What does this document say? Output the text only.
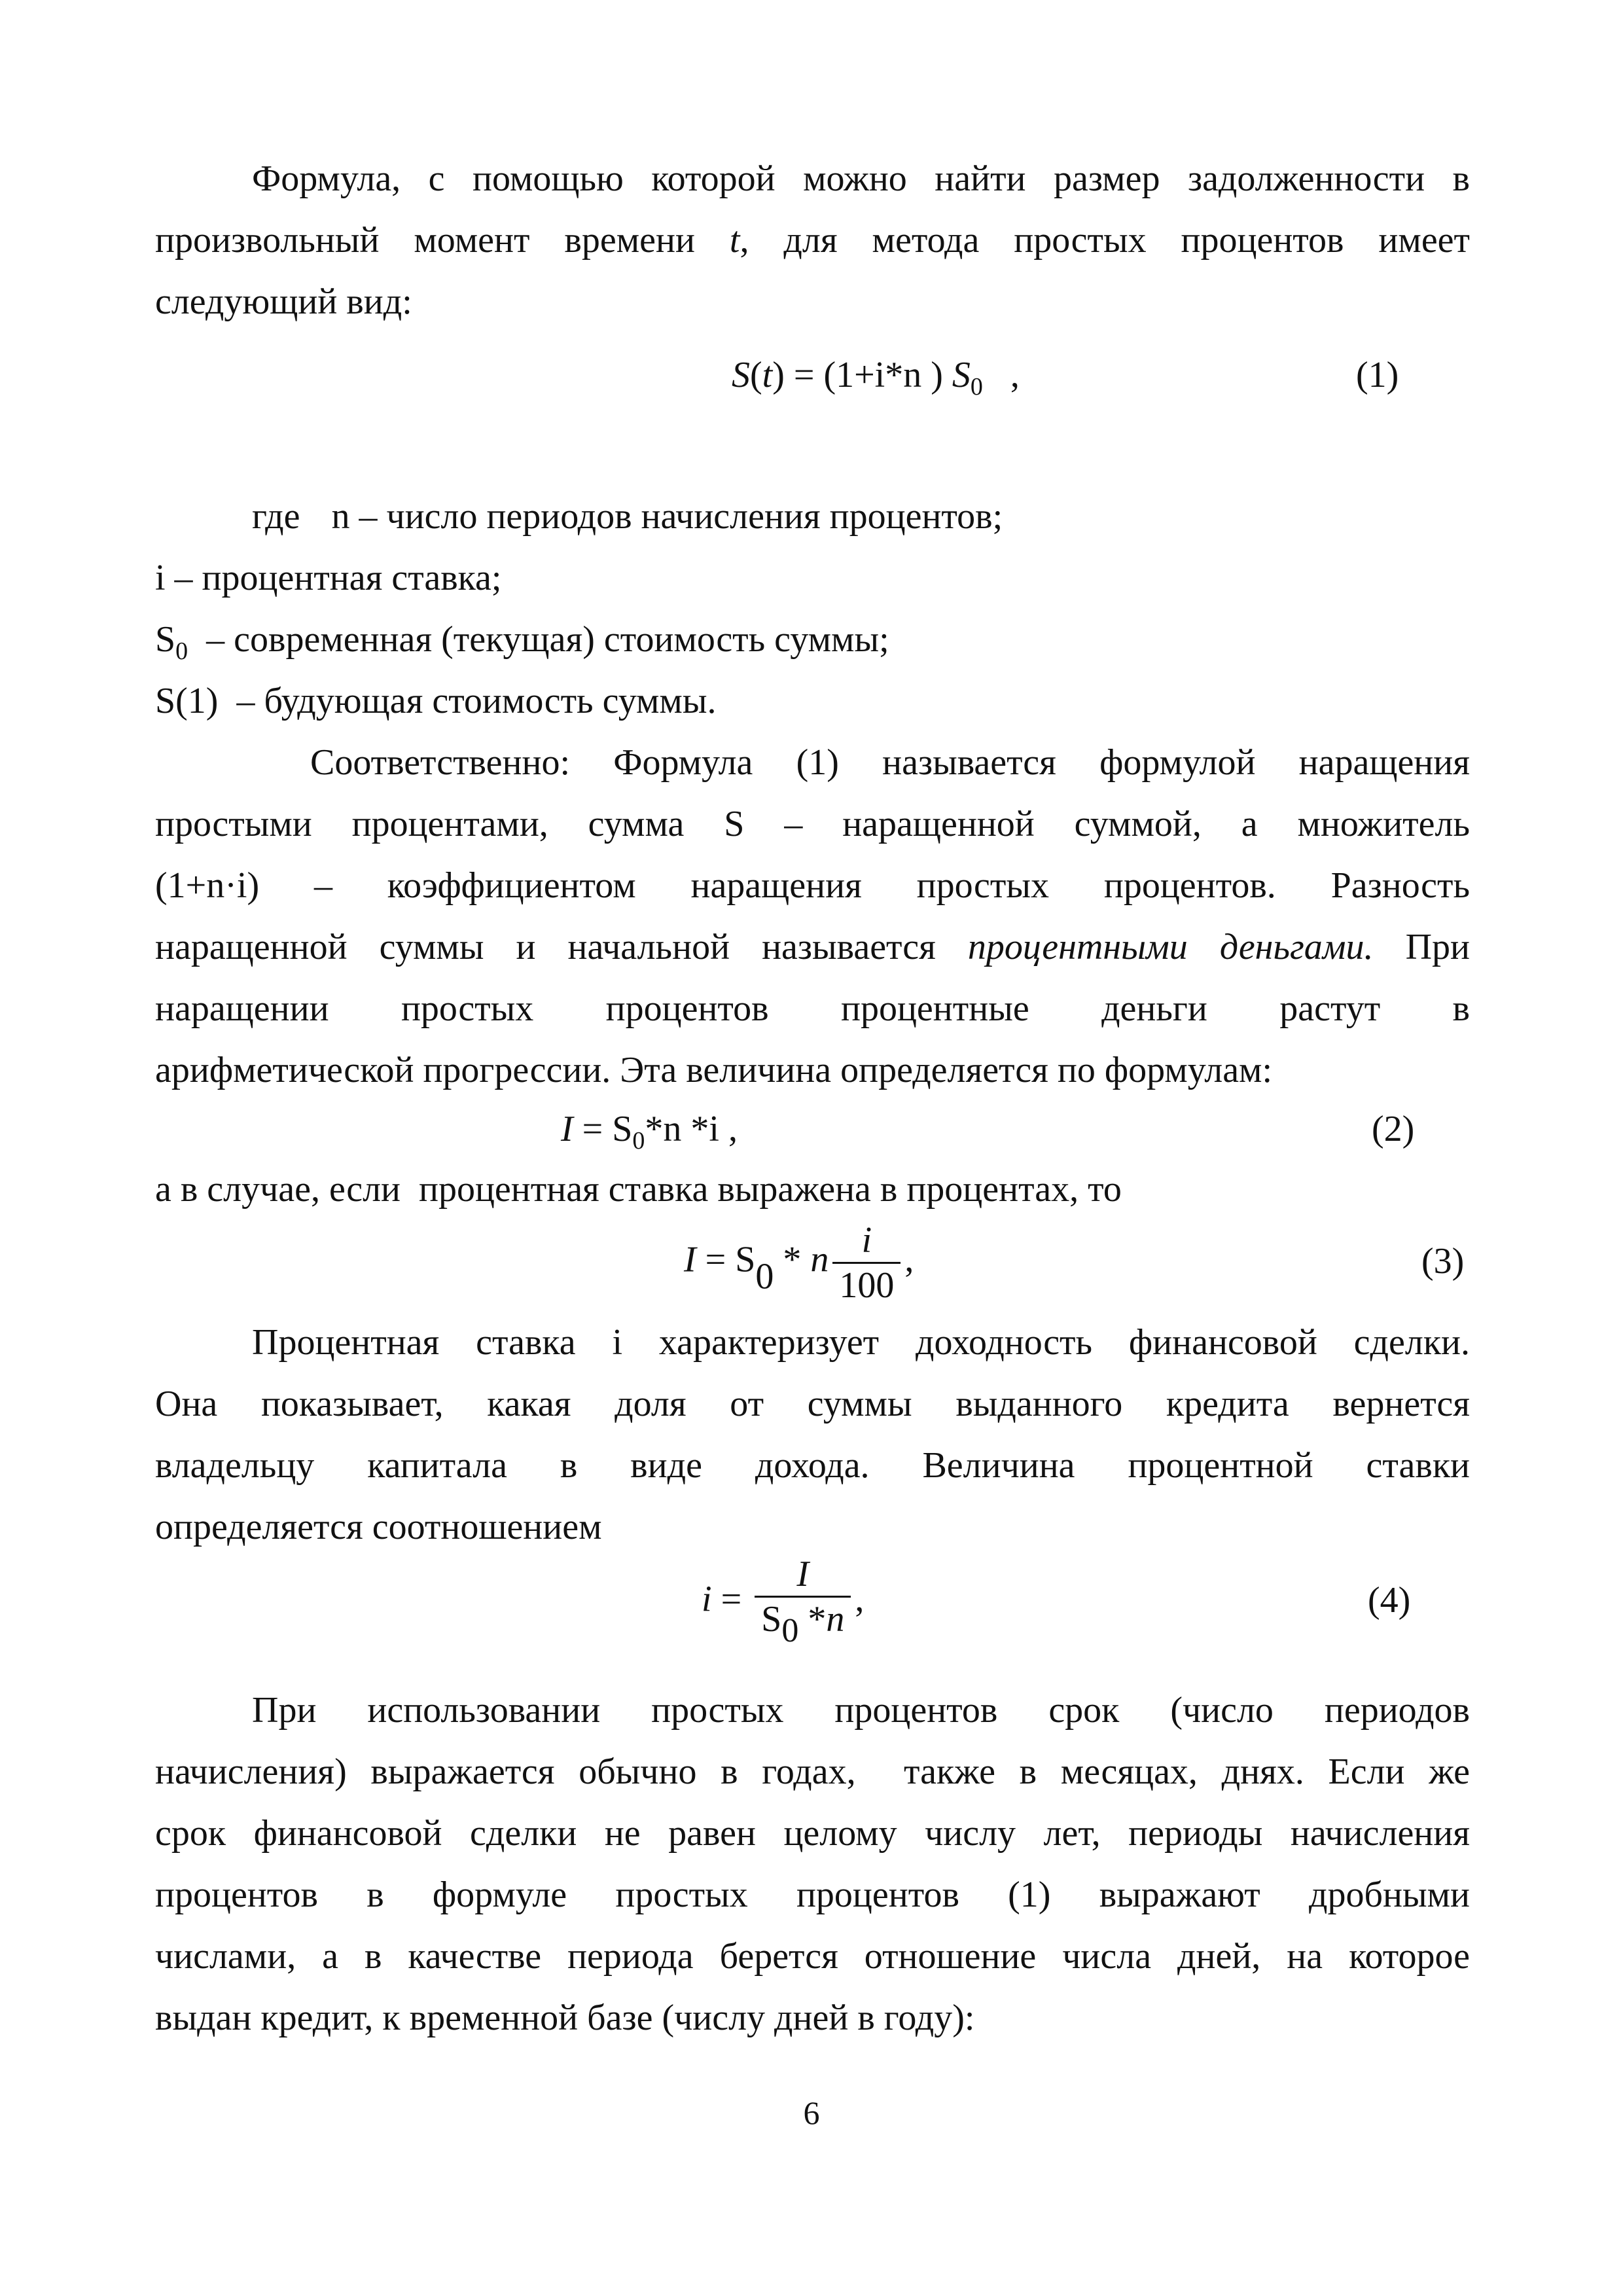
Формула, с помощью которой можно найти размер задолженности в

произвольный момент времени t, для метода простых процентов имеет

следующий вид:

S(t) = (1+i*n ) $S_0$   ,	(1)

где n – число периодов начисления процентов;

i – процентная ставка;

$S_0$  – современная (текущая) стоимость суммы;

S(1)  – будующая стоимость суммы.

Соответственно: Формула (1) называется формулой наращения

простыми процентами, сумма S – наращенной суммой, а множитель

(1+n·i) – коэффициентом наращения простых процентов. Разность

наращенной суммы и начальной называется процентными деньгами. При

наращении простых процентов процентные деньги растут в

арифметической прогрессии. Эта величина определяется по формулам:

$I = S_0*n$ *i ,	(2)

а в случае, если  процентная ставка выражена в процентах, то

I = S0 * n $\frac{i}{100}$ ,	(3)

Процентная ставка i характеризует доходность финансовой сделки.

Она показывает, какая доля от суммы выданного кредита вернется

владельцу капитала в виде дохода. Величина процентной ставки

определяется соотношением

$i = \frac{I}{S0 *n}$ ,	(4)

При использовании простых процентов срок (число периодов

начисления) выражается обычно в годах,  также в месяцах, днях. Если же

срок финансовой сделки не равен целому числу лет, периоды начисления

процентов в формуле простых процентов (1) выражают дробными

числами, а в качестве периода берется отношение числа дней, на которое

выдан кредит, к временной базе (числу дней в году):

6
